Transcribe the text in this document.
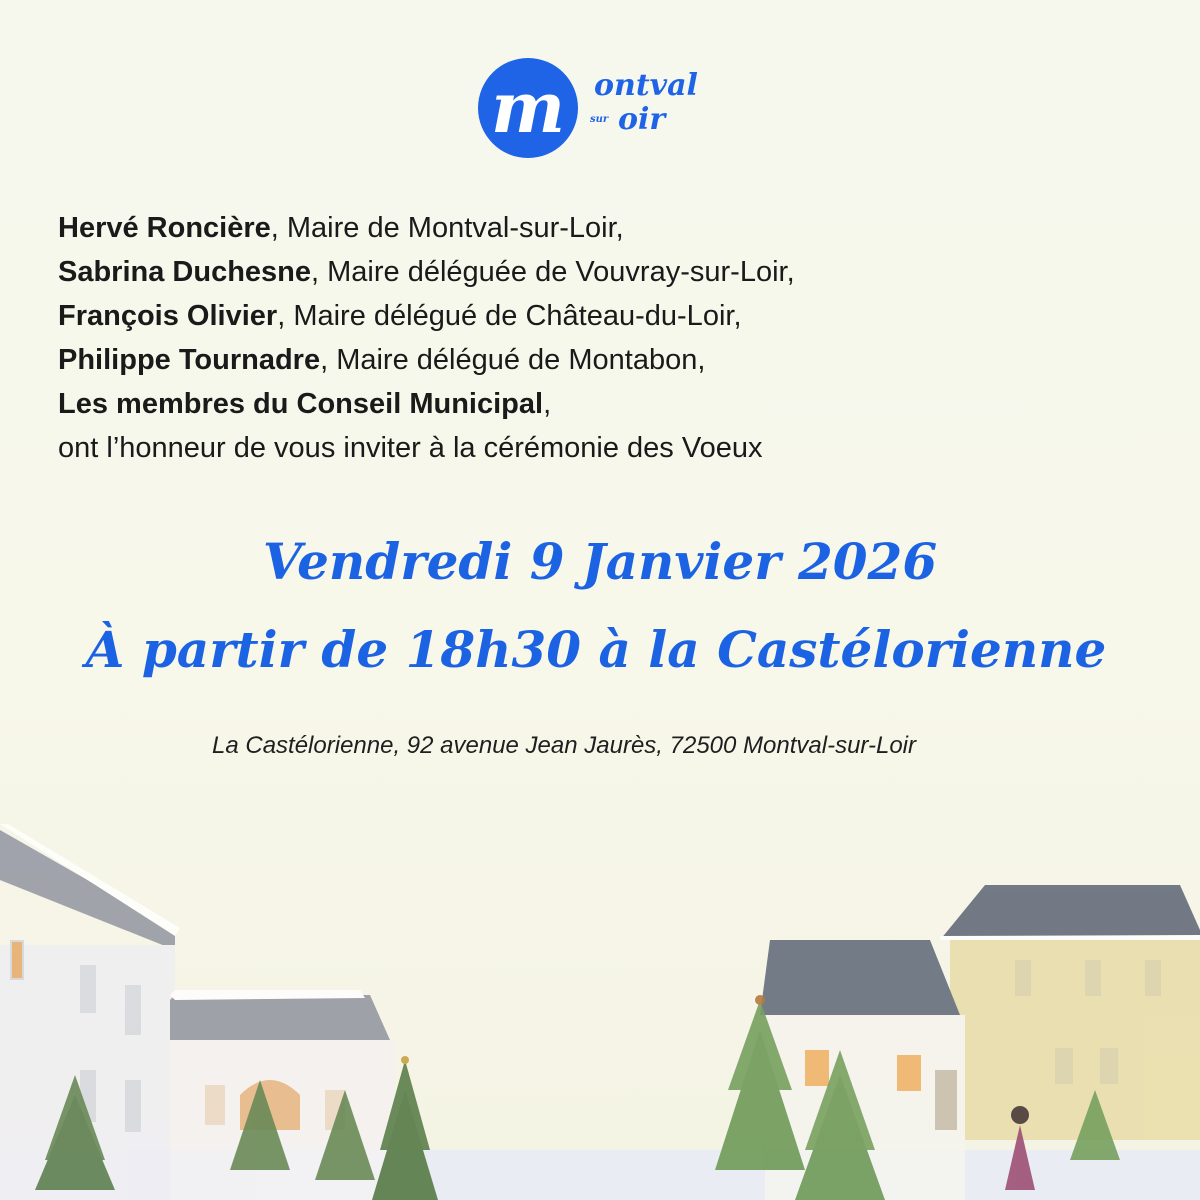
m ontval
sur oir
Hervé Roncière, Maire de Montval-sur-Loir,
Sabrina Duchesne, Maire déléguée de Vouvray-sur-Loir,
François Olivier, Maire délégué de Château-du-Loir,
Philippe Tournadre, Maire délégué de Montabon,
Les membres du Conseil Municipal,
ont l’honneur de vous inviter à la cérémonie des Voeux
Vendredi 9 Janvier 2026
À partir de 18h30 à la Castélorienne
La Castélorienne, 92 avenue Jean Jaurès, 72500 Montval-sur-Loir
